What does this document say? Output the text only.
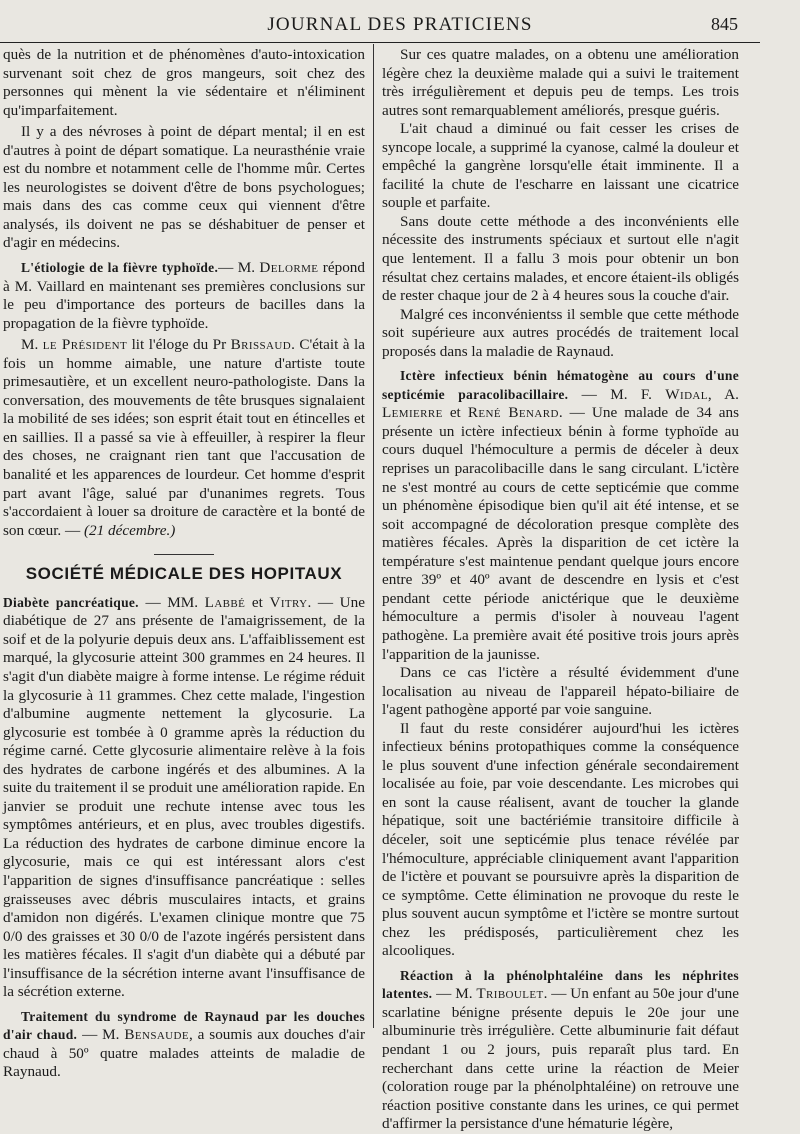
JOURNAL DES PRATICIENS	845

quès de la nutrition et de phénomènes d'auto-intoxication survenant soit chez de gros mangeurs, soit chez des personnes qui mènent la vie sédentaire et n'éliminent qu'imparfaitement.

Il y a des névroses à point de départ mental; il en est d'autres à point de départ somatique. La neurasthénie vraie est du nombre et notamment celle de l'homme mûr. Certes les neurologistes se doivent d'être de bons psychologues; mais dans des cas comme ceux qui viennent d'être analysés, ils doivent ne pas se déshabituer de penser et d'agir en médecins.

L'étiologie de la fièvre typhoïde.— M. Delorme répond à M. Vaillard en maintenant ses premières conclusions sur le peu d'importance des porteurs de bacilles dans la propagation de la fièvre typhoïde.

M. le Président lit l'éloge du Pr Brissaud. C'était à la fois un homme aimable, une nature d'artiste toute primesautière, et un excellent neuro-pathologiste. Dans la conversation, des mouvements de tête brusques signalaient la mobilité de ses idées; son esprit était tout en étincelles et en saillies. Il a passé sa vie à effeuiller, à respirer la fleur des choses, ne craignant rien tant que l'accusation de banalité et les apparences de lourdeur. Cet homme d'esprit part avant l'âge, salué par d'unanimes regrets. Tous s'accordaient à louer sa droiture de caractère et la bonté de son cœur. — (21 décembre.)

SOCIÉTÉ MÉDICALE DES HOPITAUX

Diabète pancréatique. — MM. Labbé et Vitry. — Une diabétique de 27 ans présente de l'amaigrissement, de la soif et de la polyurie depuis deux ans. L'affaiblissement est marqué, la glycosurie atteint 300 grammes en 24 heures. Il s'agit d'un diabète maigre à forme intense. Le régime réduit la glycosurie à 11 grammes. Chez cette malade, l'ingestion d'albumine augmente nettement la glycosurie. La glycosurie est tombée à 0 gramme après la réduction du régime carné. Cette glycosurie alimentaire relève à la fois des hydrates de carbone ingérés et des albumines. A la suite du traitement il se produit une amélioration rapide. En janvier se produit une rechute intense avec tous les symptômes antérieurs, et en plus, avec troubles digestifs. La réduction des hydrates de carbone diminue encore la glycosurie, mais ce qui est intéressant alors c'est l'apparition de signes d'insuffisance pancréatique : selles graisseuses avec débris musculaires intacts, et grains d'amidon non digérés. L'examen clinique montre que 75 0/0 des graisses et 30 0/0 de l'azote ingérés persistent dans les matières fécales. Il s'agit d'un diabète qui a débuté par l'insuffisance de la sécrétion interne avant l'insuffisance de la sécrétion externe.

Traitement du syndrome de Raynaud par les douches d'air chaud. — M. Bensaude, a soumis aux douches d'air chaud à 50º quatre malades atteints de maladie de Raynaud.

Sur ces quatre malades, on a obtenu une amélioration légère chez la deuxième malade qui a suivi le traitement très irrégulièrement et depuis peu de temps. Les trois autres sont remarquablement améliorés, presque guéris.

L'ait chaud a diminué ou fait cesser les crises de syncope locale, a supprimé la cyanose, calmé la douleur et empêché la gangrène lorsqu'elle était imminente. Il a facilité la chute de l'escharre en laissant une cicatrice souple et parfaite.

Sans doute cette méthode a des inconvénients elle nécessite des instruments spéciaux et surtout elle n'agit que lentement. Il a fallu 3 mois pour obtenir un bon résultat chez certains malades, et encore étaient-ils obligés de rester chaque jour de 2 à 4 heures sous la couche d'air.

Malgré ces inconvénientss il semble que cette méthode soit supérieure aux autres procédés de traitement local proposés dans la maladie de Raynaud.

Ictère infectieux bénin hématogène au cours d'une septicémie paracolibacillaire. — M. F. Widal, A. Lemierre et René Benard. — Une malade de 34 ans présente un ictère infectieux bénin à forme typhoïde au cours duquel l'hémoculture a permis de déceler à deux reprises un paracolibacille dans le sang circulant. L'ictère ne s'est montré au cours de cette septicémie que comme un phénomène épisodique bien qu'il ait été intense, et se soit accompagné de décoloration presque complète des matières fécales. Après la disparition de cet ictère la température s'est maintenue pendant quelque jours encore entre 39º et 40º avant de descendre en lysis et c'est pendant cette période anictérique que le deuxième hémoculture a permis d'isoler à nouveau l'agent pathogène. La première avait été positive trois jours après l'apparition de la jaunisse.

Dans ce cas l'ictère a résulté évidemment d'une localisation au niveau de l'appareil hépato-biliaire de l'agent pathogène apporté par voie sanguine.

Il faut du reste considérer aujourd'hui les ictères infectieux bénins protopathiques comme la conséquence le plus souvent d'une infection générale secondairement localisée au foie, par voie descendante. Les microbes qui en sont la cause réalisent, avant de toucher la glande hépatique, soit une bactériémie transitoire difficile à déceler, soit une septicémie plus tenace révélée par l'hémoculture, appréciable cliniquement avant l'apparition de l'ictère et pouvant se poursuivre après la disparition de ce symptôme. Cette élimination ne provoque du reste le plus souvent aucun symptôme et l'ictère se montre surtout chez les prédisposés, particulièrement chez les alcooliques.

Réaction à la phénolphtaléine dans les néphrites latentes. — M. Triboulet. — Un enfant au 50e jour d'une scarlatine bénigne présente depuis le 20e jour une albuminurie très irrégulière. Cette albuminurie fait défaut pendant 1 ou 2 jours, puis reparaît plus tard. En recherchant dans cette urine la réaction de Meier (coloration rouge par la phénolphtaléine) on retrouve une réaction positive constante dans les urines, ce qui permet d'affirmer la persistance d'une hématurie légère,
